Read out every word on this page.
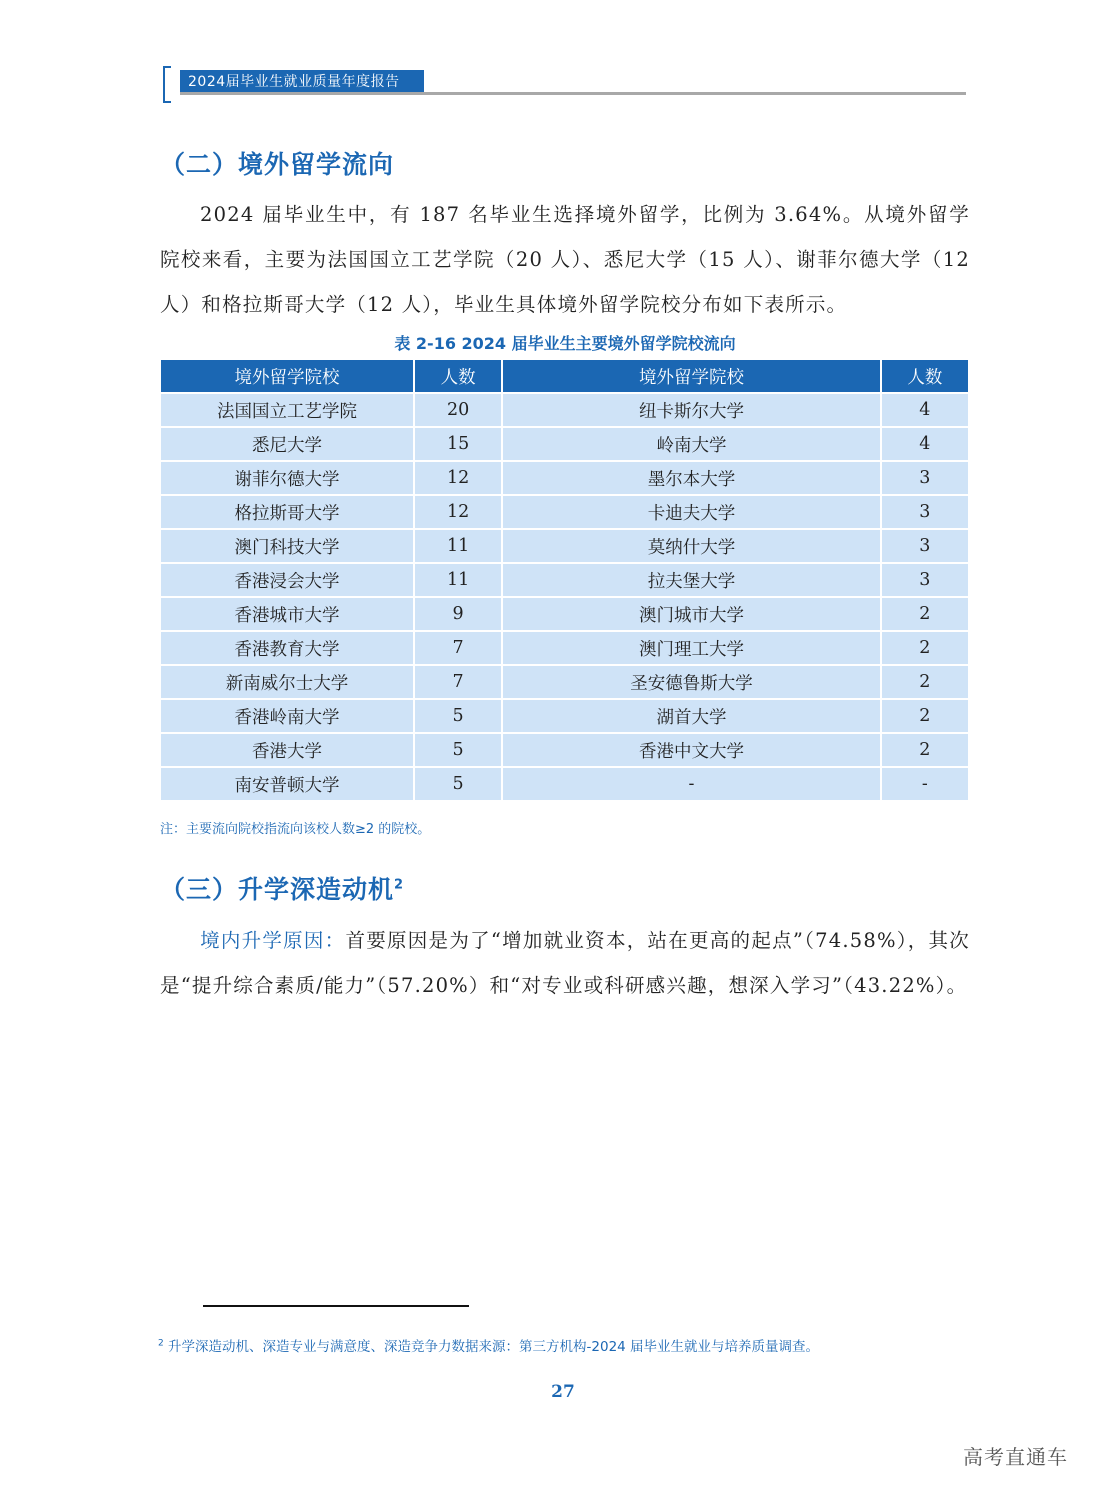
2024届毕业生就业质量年度报告
（二）境外留学流向

2024 届毕业生中，有 187 名毕业生选择境外留学，比例为 3.64%。从境外留学院校来看，主要为法国国立工艺学院（20 人）、悉尼大学（15 人）、谢菲尔德大学（12 人）和格拉斯哥大学（12 人），毕业生具体境外留学院校分布如下表所示。

表 2-16 2024 届毕业生主要境外留学院校流向

境外留学院校	人数	境外留学院校	人数
法国国立工艺学院	20	纽卡斯尔大学	4
悉尼大学	15	岭南大学	4
谢菲尔德大学	12	墨尔本大学	3
格拉斯哥大学	12	卡迪夫大学	3
澳门科技大学	11	莫纳什大学	3
香港浸会大学	11	拉夫堡大学	3
香港城市大学	9	澳门城市大学	2
香港教育大学	7	澳门理工大学	2
新南威尔士大学	7	圣安德鲁斯大学	2
香港岭南大学	5	湖首大学	2
香港大学	5	香港中文大学	2
南安普顿大学	5	-	-

注：主要流向院校指流向该校人数≥2 的院校。

（三）升学深造动机$^2$

境内升学原因：首要原因是为了“增加就业资本，站在更高的起点”（74.58%），其次是“提升综合素质/能力”（57.20%）和“对专业或科研感兴趣，想深入学习”（43.22%）。

$^2$ 升学深造动机、深造专业与满意度、深造竞争力数据来源：第三方机构-2024 届毕业生就业与培养质量调查。

27
高考直通车
